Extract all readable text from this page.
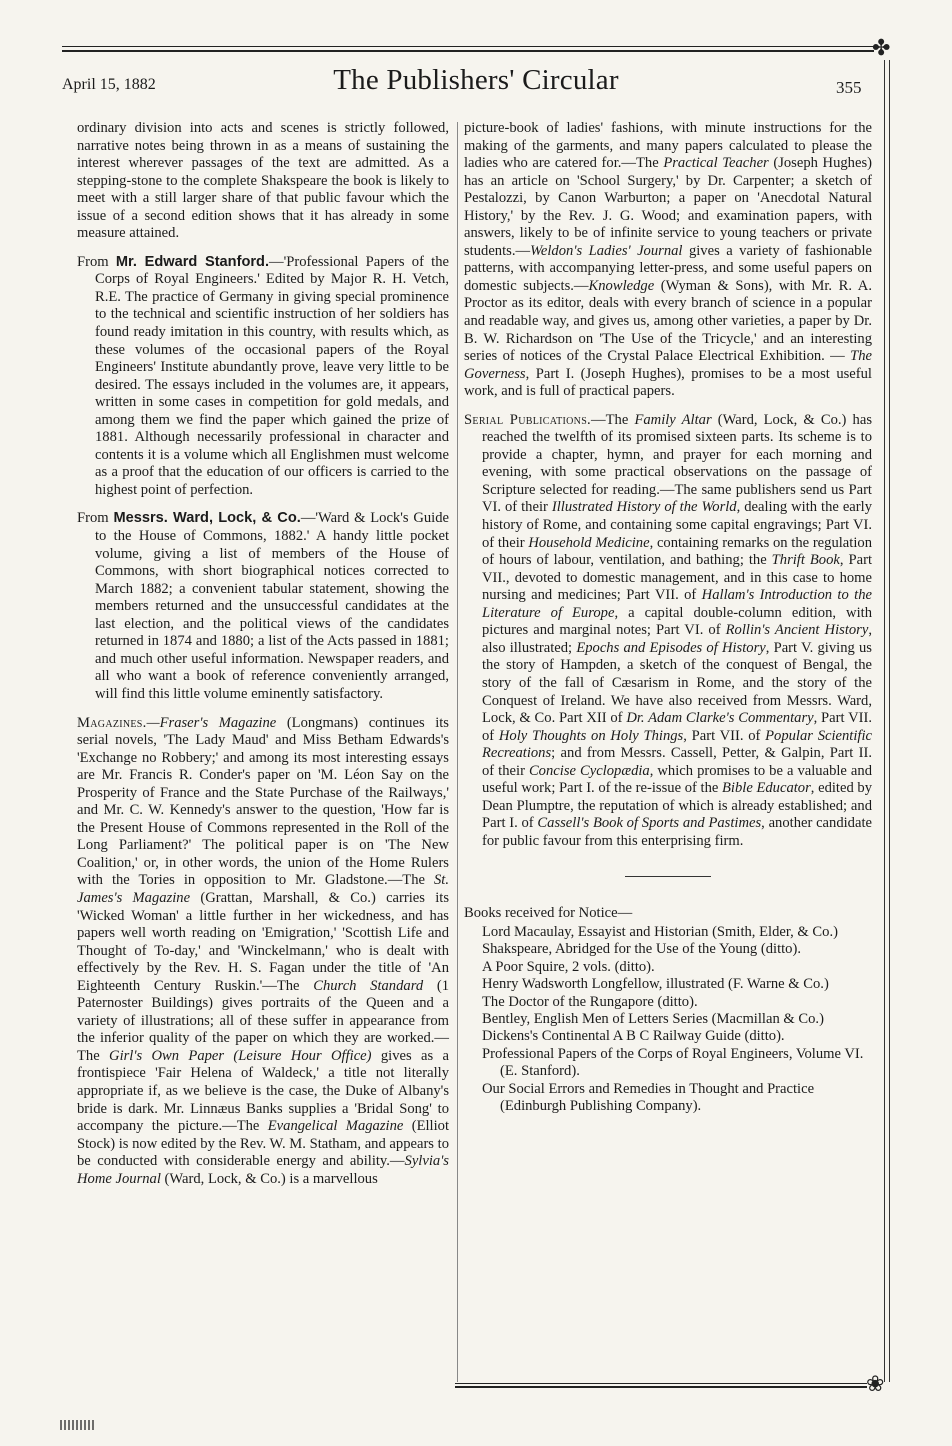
✤
April 15, 1882	The Publishers' Circular	355

ordinary division into acts and scenes is strictly followed, narrative notes being thrown in as a means of sustaining the interest wherever passages of the text are admitted. As a stepping-stone to the complete Shakspeare the book is likely to meet with a still larger share of that public favour which the issue of a second edition shows that it has already in some measure attained.

From Mr. Edward Stanford.—'Professional Papers of the Corps of Royal Engineers.' Edited by Major R. H. Vetch, R.E. The practice of Germany in giving special prominence to the technical and scientific instruction of her soldiers has found ready imitation in this country, with results which, as these volumes of the occasional papers of the Royal Engineers' Institute abundantly prove, leave very little to be desired. The essays included in the volumes are, it appears, written in some cases in competition for gold medals, and among them we find the paper which gained the prize of 1881. Although necessarily professional in character and contents it is a volume which all Englishmen must welcome as a proof that the education of our officers is carried to the highest point of perfection.

From Messrs. Ward, Lock, & Co.—'Ward & Lock's Guide to the House of Commons, 1882.' A handy little pocket volume, giving a list of members of the House of Commons, with short biographical notices corrected to March 1882; a convenient tabular statement, showing the members returned and the unsuccessful candidates at the last election, and the political views of the candidates returned in 1874 and 1880; a list of the Acts passed in 1881; and much other useful information. Newspaper readers, and all who want a book of reference conveniently arranged, will find this little volume eminently satisfactory.

Magazines.—Fraser's Magazine (Longmans) continues its serial novels, 'The Lady Maud' and Miss Betham Edwards's 'Exchange no Robbery;' and among its most interesting essays are Mr. Francis R. Conder's paper on 'M. Léon Say on the Prosperity of France and the State Purchase of the Railways,' and Mr. C. W. Kennedy's answer to the question, 'How far is the Present House of Commons represented in the Roll of the Long Parliament?' The political paper is on 'The New Coalition,' or, in other words, the union of the Home Rulers with the Tories in opposition to Mr. Gladstone.—The St. James's Magazine (Grattan, Marshall, & Co.) carries its 'Wicked Woman' a little further in her wickedness, and has papers well worth reading on 'Emigration,' 'Scottish Life and Thought of To-day,' and 'Winckelmann,' who is dealt with effectively by the Rev. H. S. Fagan under the title of 'An Eighteenth Century Ruskin.'—The Church Standard (1 Paternoster Buildings) gives portraits of the Queen and a variety of illustrations; all of these suffer in appearance from the inferior quality of the paper on which they are worked.—The Girl's Own Paper (Leisure Hour Office) gives as a frontispiece 'Fair Helena of Waldeck,' a title not literally appropriate if, as we believe is the case, the Duke of Albany's bride is dark. Mr. Linnæus Banks supplies a 'Bridal Song' to accompany the picture.—The Evangelical Magazine (Elliot Stock) is now edited by the Rev. W. M. Statham, and appears to be conducted with considerable energy and ability.—Sylvia's Home Journal (Ward, Lock, & Co.) is a marvellous

picture-book of ladies' fashions, with minute instructions for the making of the garments, and many papers calculated to please the ladies who are catered for.—The Practical Teacher (Joseph Hughes) has an article on 'School Surgery,' by Dr. Carpenter; a sketch of Pestalozzi, by Canon Warburton; a paper on 'Anecdotal Natural History,' by the Rev. J. G. Wood; and examination papers, with answers, likely to be of infinite service to young teachers or private students.—Weldon's Ladies' Journal gives a variety of fashionable patterns, with accompanying letter-press, and some useful papers on domestic subjects.—Knowledge (Wyman & Sons), with Mr. R. A. Proctor as its editor, deals with every branch of science in a popular and readable way, and gives us, among other varieties, a paper by Dr. B. W. Richardson on 'The Use of the Tricycle,' and an interesting series of notices of the Crystal Palace Electrical Exhibition. — The Governess, Part I. (Joseph Hughes), promises to be a most useful work, and is full of practical papers.

Serial Publications.—The Family Altar (Ward, Lock, & Co.) has reached the twelfth of its promised sixteen parts. Its scheme is to provide a chapter, hymn, and prayer for each morning and evening, with some practical observations on the passage of Scripture selected for reading.—The same publishers send us Part VI. of their Illustrated History of the World, dealing with the early history of Rome, and containing some capital engravings; Part VI. of their Household Medicine, containing remarks on the regulation of hours of labour, ventilation, and bathing; the Thrift Book, Part VII., devoted to domestic management, and in this case to home nursing and medicines; Part VII. of Hallam's Introduction to the Literature of Europe, a capital double-column edition, with pictures and marginal notes; Part VI. of Rollin's Ancient History, also illustrated; Epochs and Episodes of History, Part V. giving us the story of Hampden, a sketch of the conquest of Bengal, the story of the fall of Cæsarism in Rome, and the story of the Conquest of Ireland. We have also received from Messrs. Ward, Lock, & Co. Part XII of Dr. Adam Clarke's Commentary, Part VII. of Holy Thoughts on Holy Things, Part VII. of Popular Scientific Recreations; and from Messrs. Cassell, Petter, & Galpin, Part II. of their Concise Cyclopædia, which promises to be a valuable and useful work; Part I. of the re-issue of the Bible Educator, edited by Dean Plumptre, the reputation of which is already established; and Part I. of Cassell's Book of Sports and Pastimes, another candidate for public favour from this enterprising firm.

Books received for Notice—
Lord Macaulay, Essayist and Historian (Smith, Elder, & Co.)
Shakspeare, Abridged for the Use of the Young (ditto).
A Poor Squire, 2 vols. (ditto).
Henry Wadsworth Longfellow, illustrated (F. Warne & Co.)
The Doctor of the Rungapore (ditto).
Bentley, English Men of Letters Series (Macmillan & Co.)
Dickens's Continental A B C Railway Guide (ditto).
Professional Papers of the Corps of Royal Engineers, Volume VI. (E. Stanford).
Our Social Errors and Remedies in Thought and Practice (Edinburgh Publishing Company).
❀
